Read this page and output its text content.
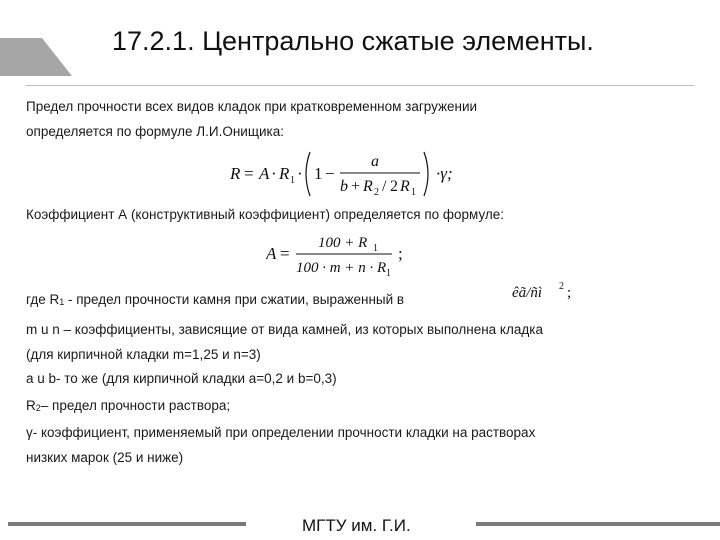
17.2.1. Центрально сжатые элементы.
Предел прочности всех видов кладок при кратковременном загружении
определяется по формуле Л.И.Онищика:
R = A · R 1 · 1 −
a
b + R 2 / 2 R 1
·γ;
Коэффициент А (конструктивный коэффициент) определяется по формуле:
A =
100 + R 1
100 · m + n · R 1
;
где $R_1$ - предел прочности камня при сжатии, выраженный в	êã/ñì 2 ;
m u n – коэффициенты, зависящие от вида камней, из которых выполнена кладка
(для кирпичной кладки m=1,25 и n=3)
a u b- то же (для кирпичной кладки a=0,2 и b=0,3)
$R_2-$ предел прочности раствора;
γ- коэффициент, применяемый при определении прочности кладки на растворах
низких марок (25 и ниже)
МГТУ им. Г.И.
